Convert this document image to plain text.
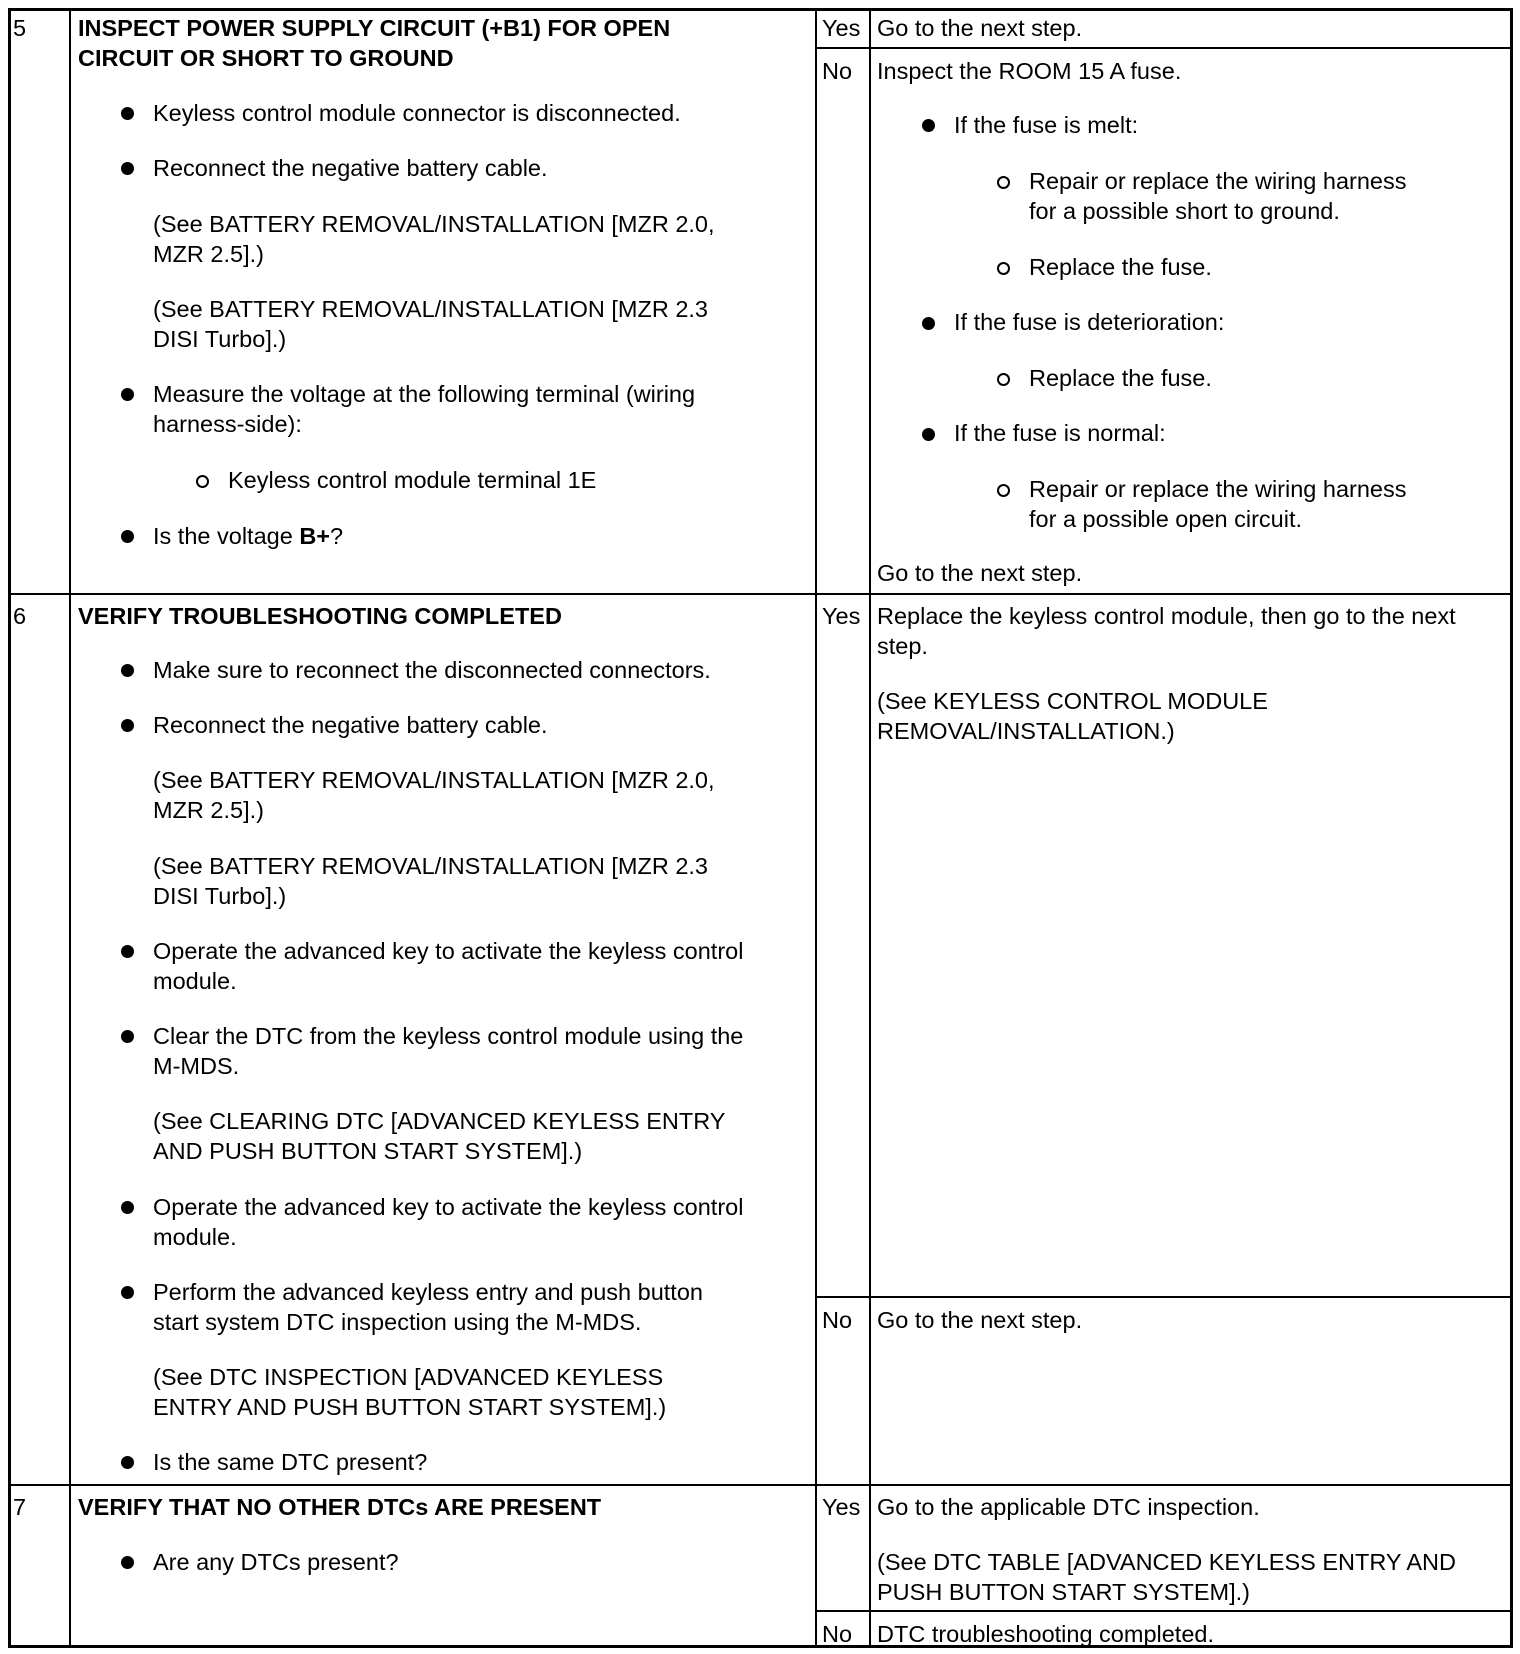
5 INSPECT POWER SUPPLY CIRCUIT (+B1) FOR OPEN
CIRCUIT OR SHORT TO GROUND
Keyless control module connector is disconnected.
Reconnect the negative battery cable.
(See BATTERY REMOVAL/INSTALLATION [MZR 2.0,
MZR 2.5].)
(See BATTERY REMOVAL/INSTALLATION [MZR 2.3
DISI Turbo].)
Measure the voltage at the following terminal (wiring
harness-side):
Keyless control module terminal 1E
Is the voltage B+?
Yes Go to the next step.
No Inspect the ROOM 15 A fuse.
If the fuse is melt:
Repair or replace the wiring harness
for a possible short to ground.
Replace the fuse.
If the fuse is deterioration:
Replace the fuse.
If the fuse is normal:
Repair or replace the wiring harness
for a possible open circuit.
Go to the next step.
6 VERIFY TROUBLESHOOTING COMPLETED
Make sure to reconnect the disconnected connectors.
Reconnect the negative battery cable.
(See BATTERY REMOVAL/INSTALLATION [MZR 2.0,
MZR 2.5].)
(See BATTERY REMOVAL/INSTALLATION [MZR 2.3
DISI Turbo].)
Operate the advanced key to activate the keyless control
module.
Clear the DTC from the keyless control module using the
M-MDS.
(See CLEARING DTC [ADVANCED KEYLESS ENTRY
AND PUSH BUTTON START SYSTEM].)
Operate the advanced key to activate the keyless control
module.
Perform the advanced keyless entry and push button
start system DTC inspection using the M-MDS.
(See DTC INSPECTION [ADVANCED KEYLESS
ENTRY AND PUSH BUTTON START SYSTEM].)
Is the same DTC present?
Yes Replace the keyless control module, then go to the next
step.
(See KEYLESS CONTROL MODULE
REMOVAL/INSTALLATION.)
No Go to the next step.
7 VERIFY THAT NO OTHER DTCs ARE PRESENT
Are any DTCs present?
Yes Go to the applicable DTC inspection.
(See DTC TABLE [ADVANCED KEYLESS ENTRY AND
PUSH BUTTON START SYSTEM].)
No DTC troubleshooting completed.
